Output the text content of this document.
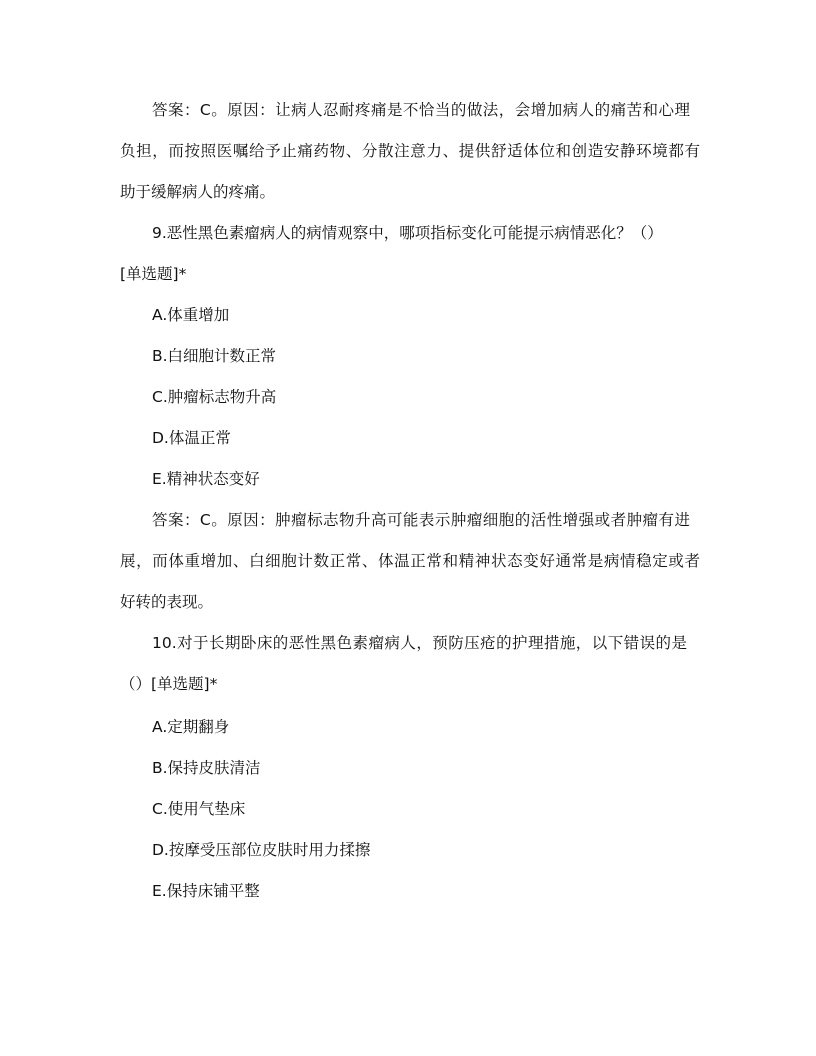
答案：C。原因：让病人忍耐疼痛是不恰当的做法，会增加病人的痛苦和心理
负担，而按照医嘱给予止痛药物、分散注意力、提供舒适体位和创造安静环境都有
助于缓解病人的疼痛。
9.恶性黑色素瘤病人的病情观察中，哪项指标变化可能提示病情恶化？（）
[单选题]*
A.体重增加
B.白细胞计数正常
C.肿瘤标志物升高
D.体温正常
E.精神状态变好
答案：C。原因：肿瘤标志物升高可能表示肿瘤细胞的活性增强或者肿瘤有进
展，而体重增加、白细胞计数正常、体温正常和精神状态变好通常是病情稳定或者
好转的表现。
10.对于长期卧床的恶性黑色素瘤病人，预防压疮的护理措施，以下错误的是
（）[单选题]*
A.定期翻身
B.保持皮肤清洁
C.使用气垫床
D.按摩受压部位皮肤时用力揉擦
E.保持床铺平整
